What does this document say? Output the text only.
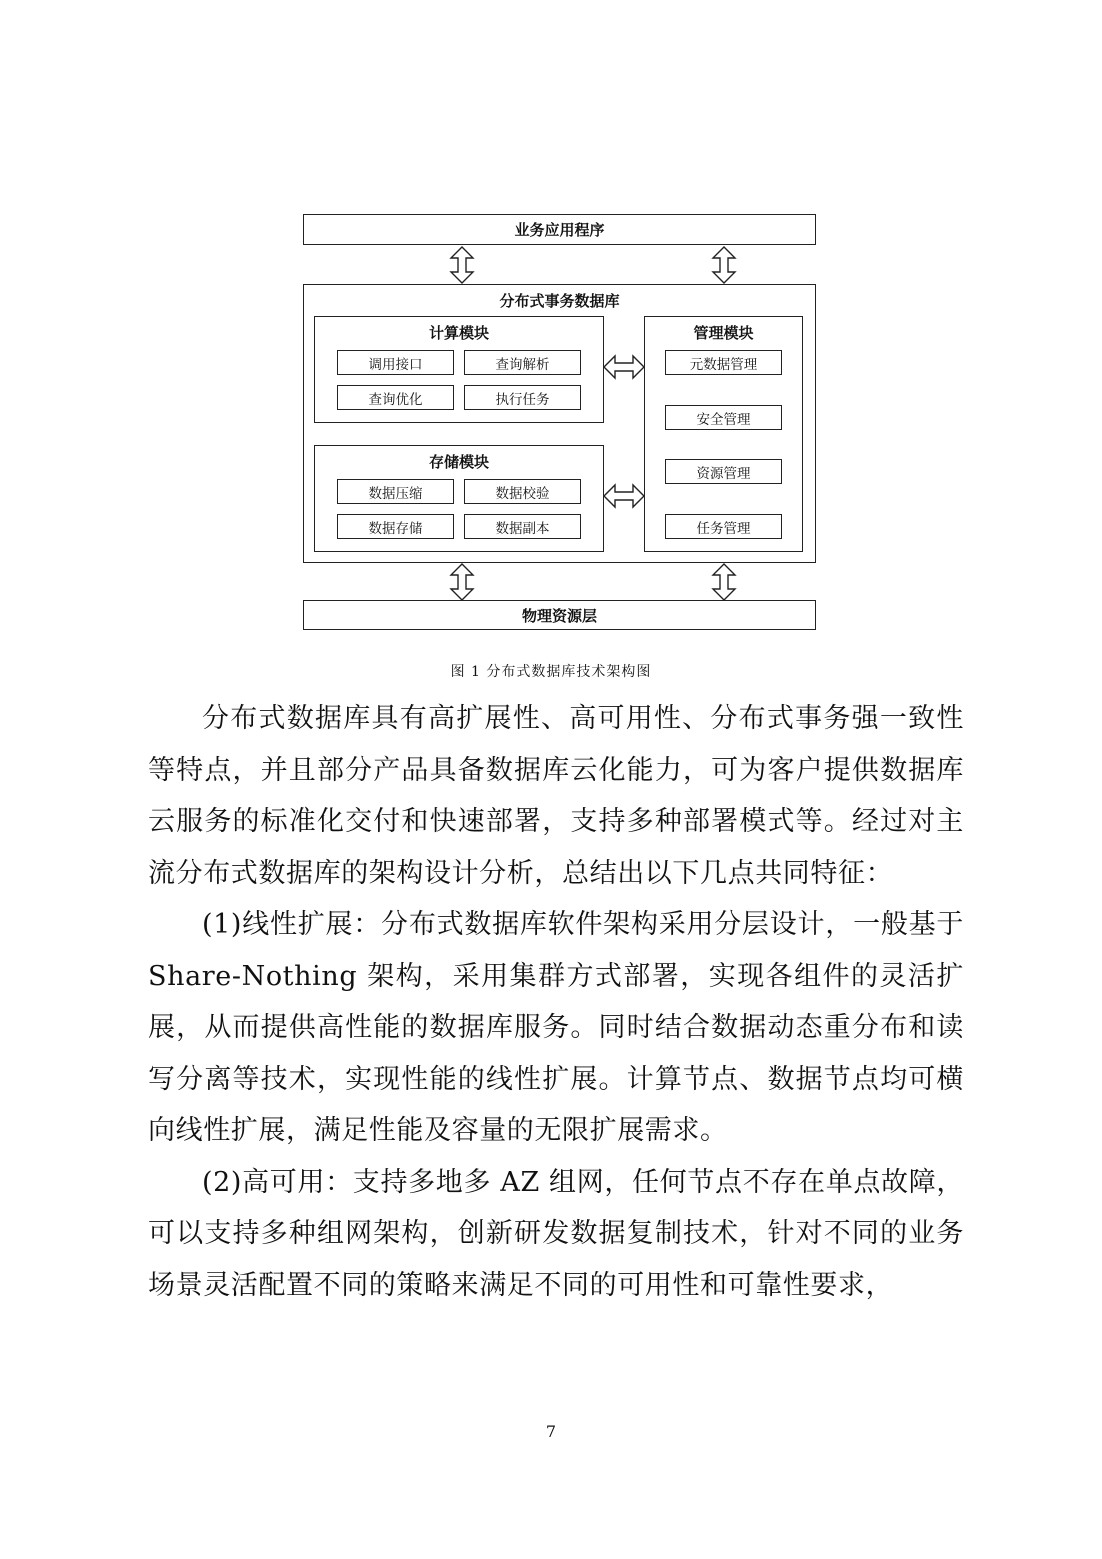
业务应用程序
分布式事务数据库
计算模块
调用接口	查询解析
查询优化	执行任务
存储模块
数据压缩	数据校验
数据存储	数据副本
管理模块
元数据管理
安全管理
资源管理
任务管理
物理资源层
图 1 分布式数据库技术架构图

分布式数据库具有高扩展性、高可用性、分布式事务强一致性等特点，并且部分产品具备数据库云化能力，可为客户提供数据库云服务的标准化交付和快速部署，支持多种部署模式等。经过对主流分布式数据库的架构设计分析，总结出以下几点共同特征：

(1)线性扩展：分布式数据库软件架构采用分层设计，一般基于 Share-Nothing 架构，采用集群方式部署，实现各组件的灵活扩展，从而提供高性能的数据库服务。同时结合数据动态重分布和读写分离等技术，实现性能的线性扩展。计算节点、数据节点均可横向线性扩展，满足性能及容量的无限扩展需求。

(2)高可用：支持多地多 AZ 组网，任何节点不存在单点故障，可以支持多种组网架构，创新研发数据复制技术，针对不同的业务场景灵活配置不同的策略来满足不同的可用性和可靠性要求，

7
